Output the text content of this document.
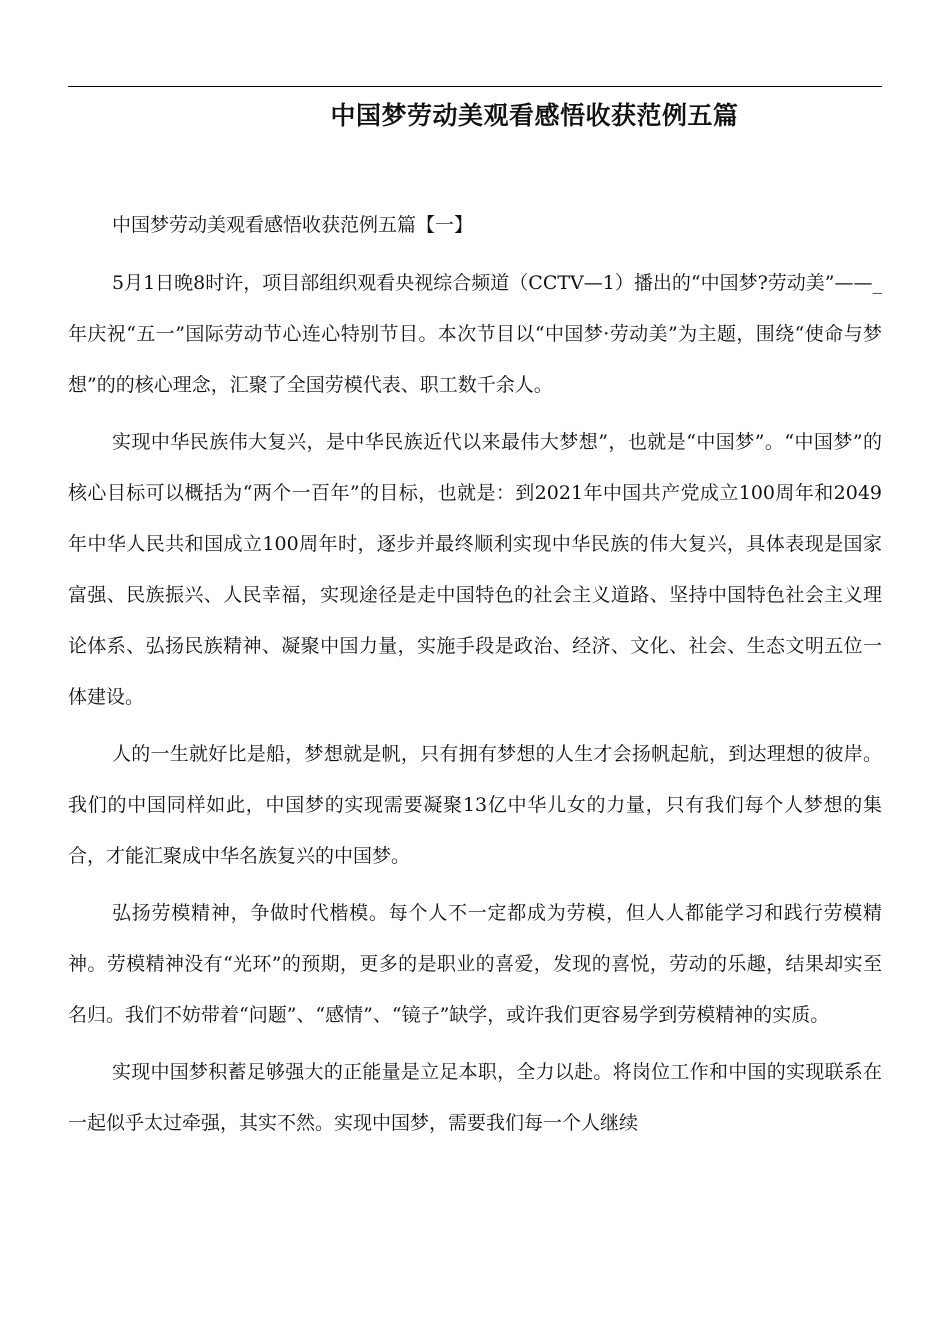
中国梦劳动美观看感悟收获范例五篇

中国梦劳动美观看感悟收获范例五篇【一】

5月1日晚8时许，项目部组织观看央视综合频道（CCTV—1）播出的“中国梦?劳动美”——_年庆祝“五一”国际劳动节心连心特别节目。本次节目以“中国梦·劳动美”为主题，围绕“使命与梦想”的的核心理念，汇聚了全国劳模代表、职工数千余人。

实现中华民族伟大复兴，是中华民族近代以来最伟大梦想”，也就是“中国梦”。“中国梦”的核心目标可以概括为“两个一百年”的目标，也就是：到2021年中国共产党成立100周年和2049年中华人民共和国成立100周年时，逐步并最终顺利实现中华民族的伟大复兴，具体表现是国家富强、民族振兴、人民幸福，实现途径是走中国特色的社会主义道路、坚持中国特色社会主义理论体系、弘扬民族精神、凝聚中国力量，实施手段是政治、经济、文化、社会、生态文明五位一体建设。

人的一生就好比是船，梦想就是帆，只有拥有梦想的人生才会扬帆起航，到达理想的彼岸。我们的中国同样如此，中国梦的实现需要凝聚13亿中华儿女的力量，只有我们每个人梦想的集合，才能汇聚成中华名族复兴的中国梦。

弘扬劳模精神，争做时代楷模。每个人不一定都成为劳模，但人人都能学习和践行劳模精神。劳模精神没有“光环”的预期，更多的是职业的喜爱，发现的喜悦，劳动的乐趣，结果却实至名归。我们不妨带着“问题”、“感情”、“镜子”缺学，或许我们更容易学到劳模精神的实质。

实现中国梦积蓄足够强大的正能量是立足本职，全力以赴。将岗位工作和中国的实现联系在一起似乎太过牵强，其实不然。实现中国梦，需要我们每一个人继续
